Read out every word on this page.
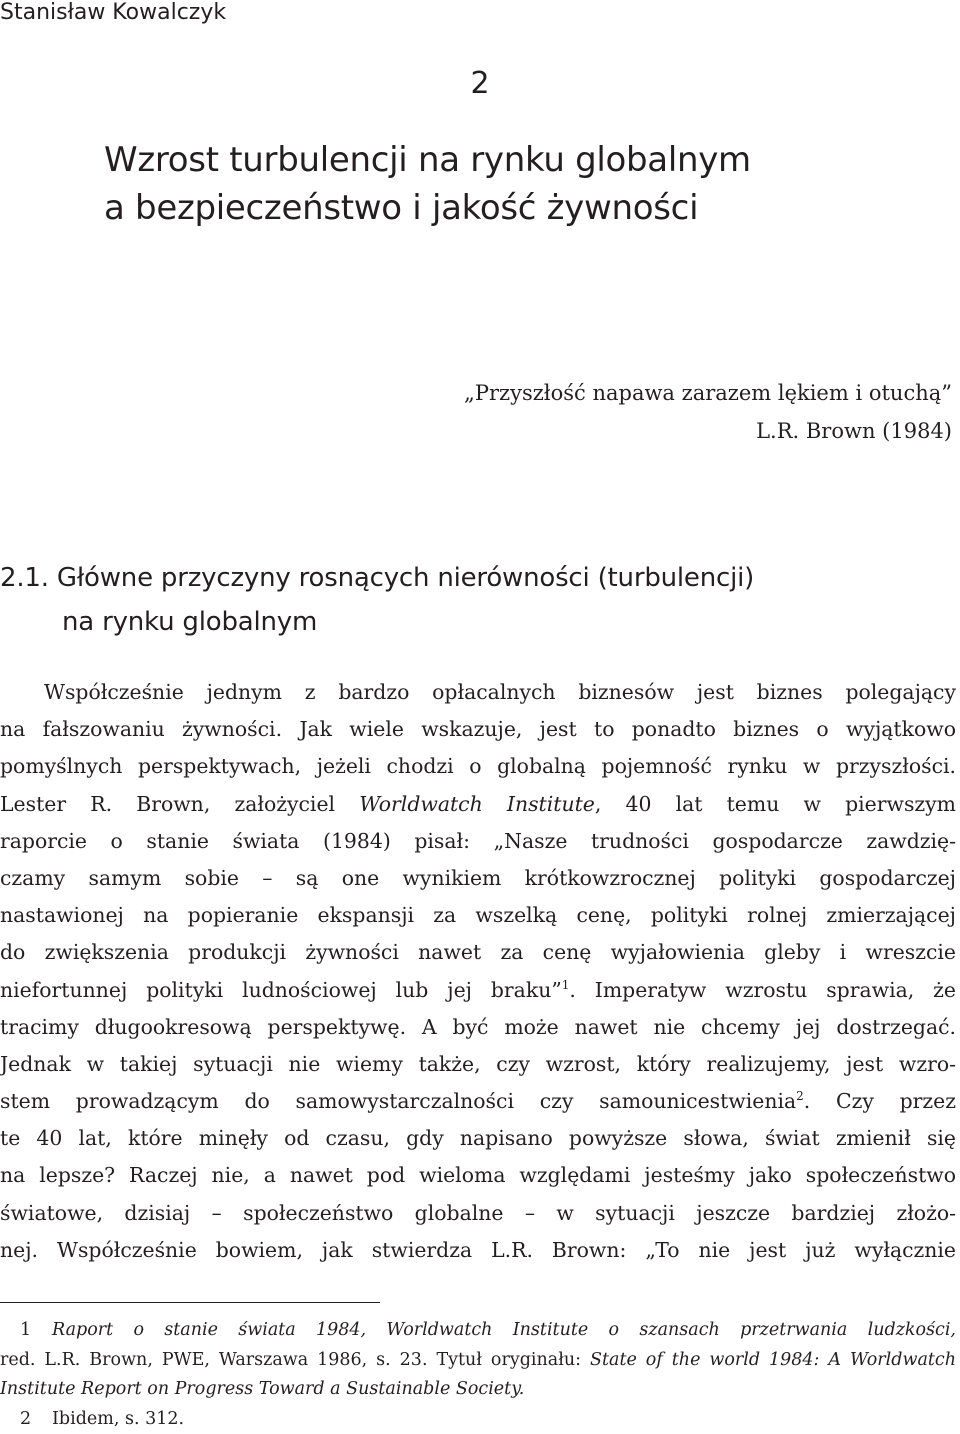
Stanisław Kowalczyk
2
Wzrost turbulencji na rynku globalnym
a bezpieczeństwo i jakość żywności
„Przyszłość napawa zarazem lękiem i otuchą”
L.R. Brown (1984)
2.1. Główne przyczyny rosnących nierówności (turbulencji)
na rynku globalnym
Współcześnie jednym z bardzo opłacalnych biznesów jest biznes polegający
na fałszowaniu żywności. Jak wiele wskazuje, jest to ponadto biznes o wyjątkowo
pomyślnych perspektywach, jeżeli chodzi o globalną pojemność rynku w przyszłości.
Lester R. Brown, założyciel Worldwatch Institute, 40 lat temu w pierwszym
raporcie o stanie świata (1984) pisał: „Nasze trudności gospodarcze zawdzię-
czamy samym sobie – są one wynikiem krótkowzrocznej polityki gospodarczej
nastawionej na popieranie ekspansji za wszelką cenę, polityki rolnej zmierzającej
do zwiększenia produkcji żywności nawet za cenę wyjałowienia gleby i wreszcie
niefortunnej polityki ludnościowej lub jej braku”$^1$. Imperatyw wzrostu sprawia, że
tracimy długookresową perspektywę. A być może nawet nie chcemy jej dostrzegać.
Jednak w takiej sytuacji nie wiemy także, czy wzrost, który realizujemy, jest wzro-
stem prowadzącym do samowystarczalności czy samounicestwienia$^2$. Czy przez
te 40 lat, które minęły od czasu, gdy napisano powyższe słowa, świat zmienił się
na lepsze? Raczej nie, a nawet pod wieloma względami jesteśmy jako społeczeństwo
światowe, dzisiaj – społeczeństwo globalne – w sytuacji jeszcze bardziej złożo-
nej. Współcześnie bowiem, jak stwierdza L.R. Brown: „To nie jest już wyłącznie
1 Raport o stanie świata 1984, Worldwatch Institute o szansach przetrwania ludzkości,
red. L.R. Brown, PWE, Warszawa 1986, s. 23. Tytuł oryginału: State of the world 1984: A Worldwatch
Institute Report on Progress Toward a Sustainable Society.
2 Ibidem, s. 312.
